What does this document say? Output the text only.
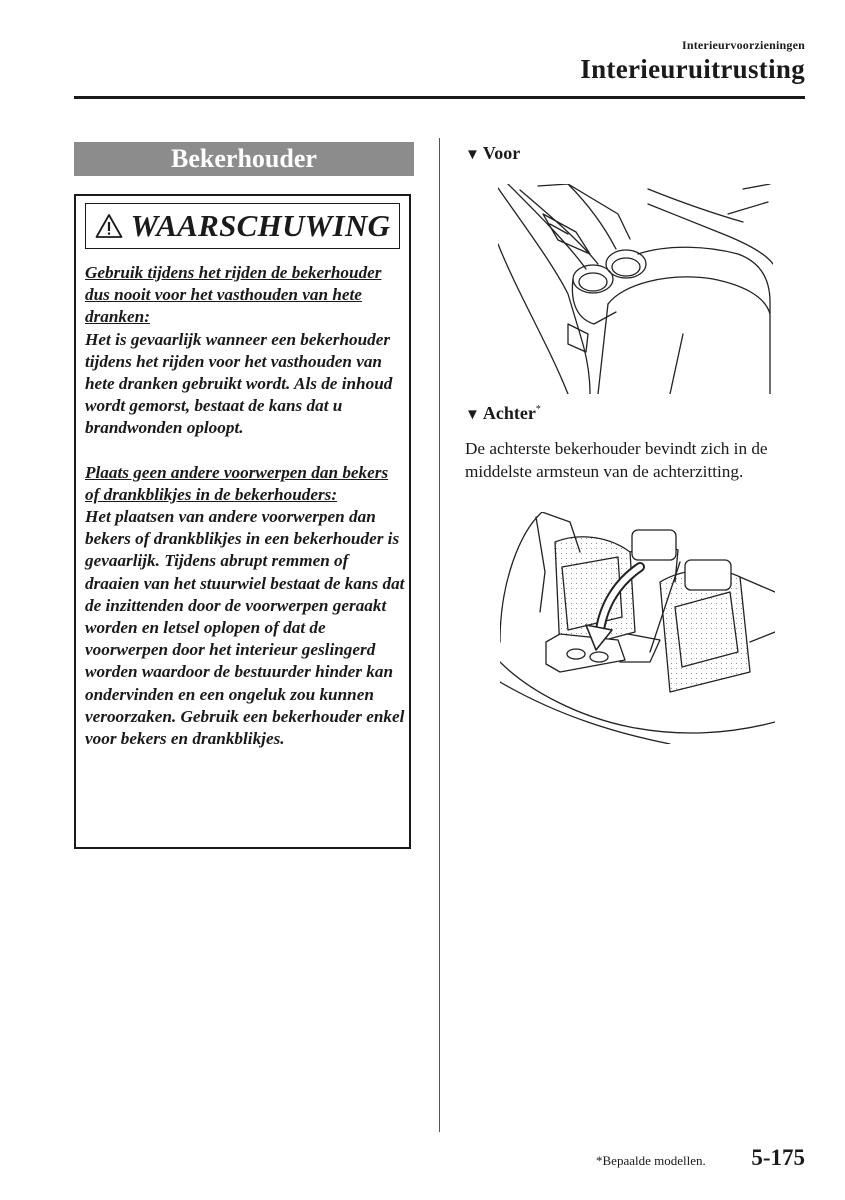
Interieurvoorzieningen
Interieuruitrusting
Bekerhouder
WAARSCHUWING
Gebruik tijdens het rijden de bekerhouder dus nooit voor het vasthouden van hete dranken:
Het is gevaarlijk wanneer een bekerhouder tijdens het rijden voor het vasthouden van hete dranken gebruikt wordt. Als de inhoud wordt gemorst, bestaat de kans dat u brandwonden oploopt.
Plaats geen andere voorwerpen dan bekers of drankblikjes in de bekerhouders:
Het plaatsen van andere voorwerpen dan bekers of drankblikjes in een bekerhouder is gevaarlijk. Tijdens abrupt remmen of draaien van het stuurwiel bestaat de kans dat de inzittenden door de voorwerpen geraakt worden en letsel oplopen of dat de voorwerpen door het interieur geslingerd worden waardoor de bestuurder hinder kan ondervinden en een ongeluk zou kunnen veroorzaken. Gebruik een bekerhouder enkel voor bekers en drankblikjes.
▼ Voor
▼ Achter*
De achterste bekerhouder bevindt zich in de middelste armsteun van de achterzitting.
*Bepaalde modellen. 5-175
